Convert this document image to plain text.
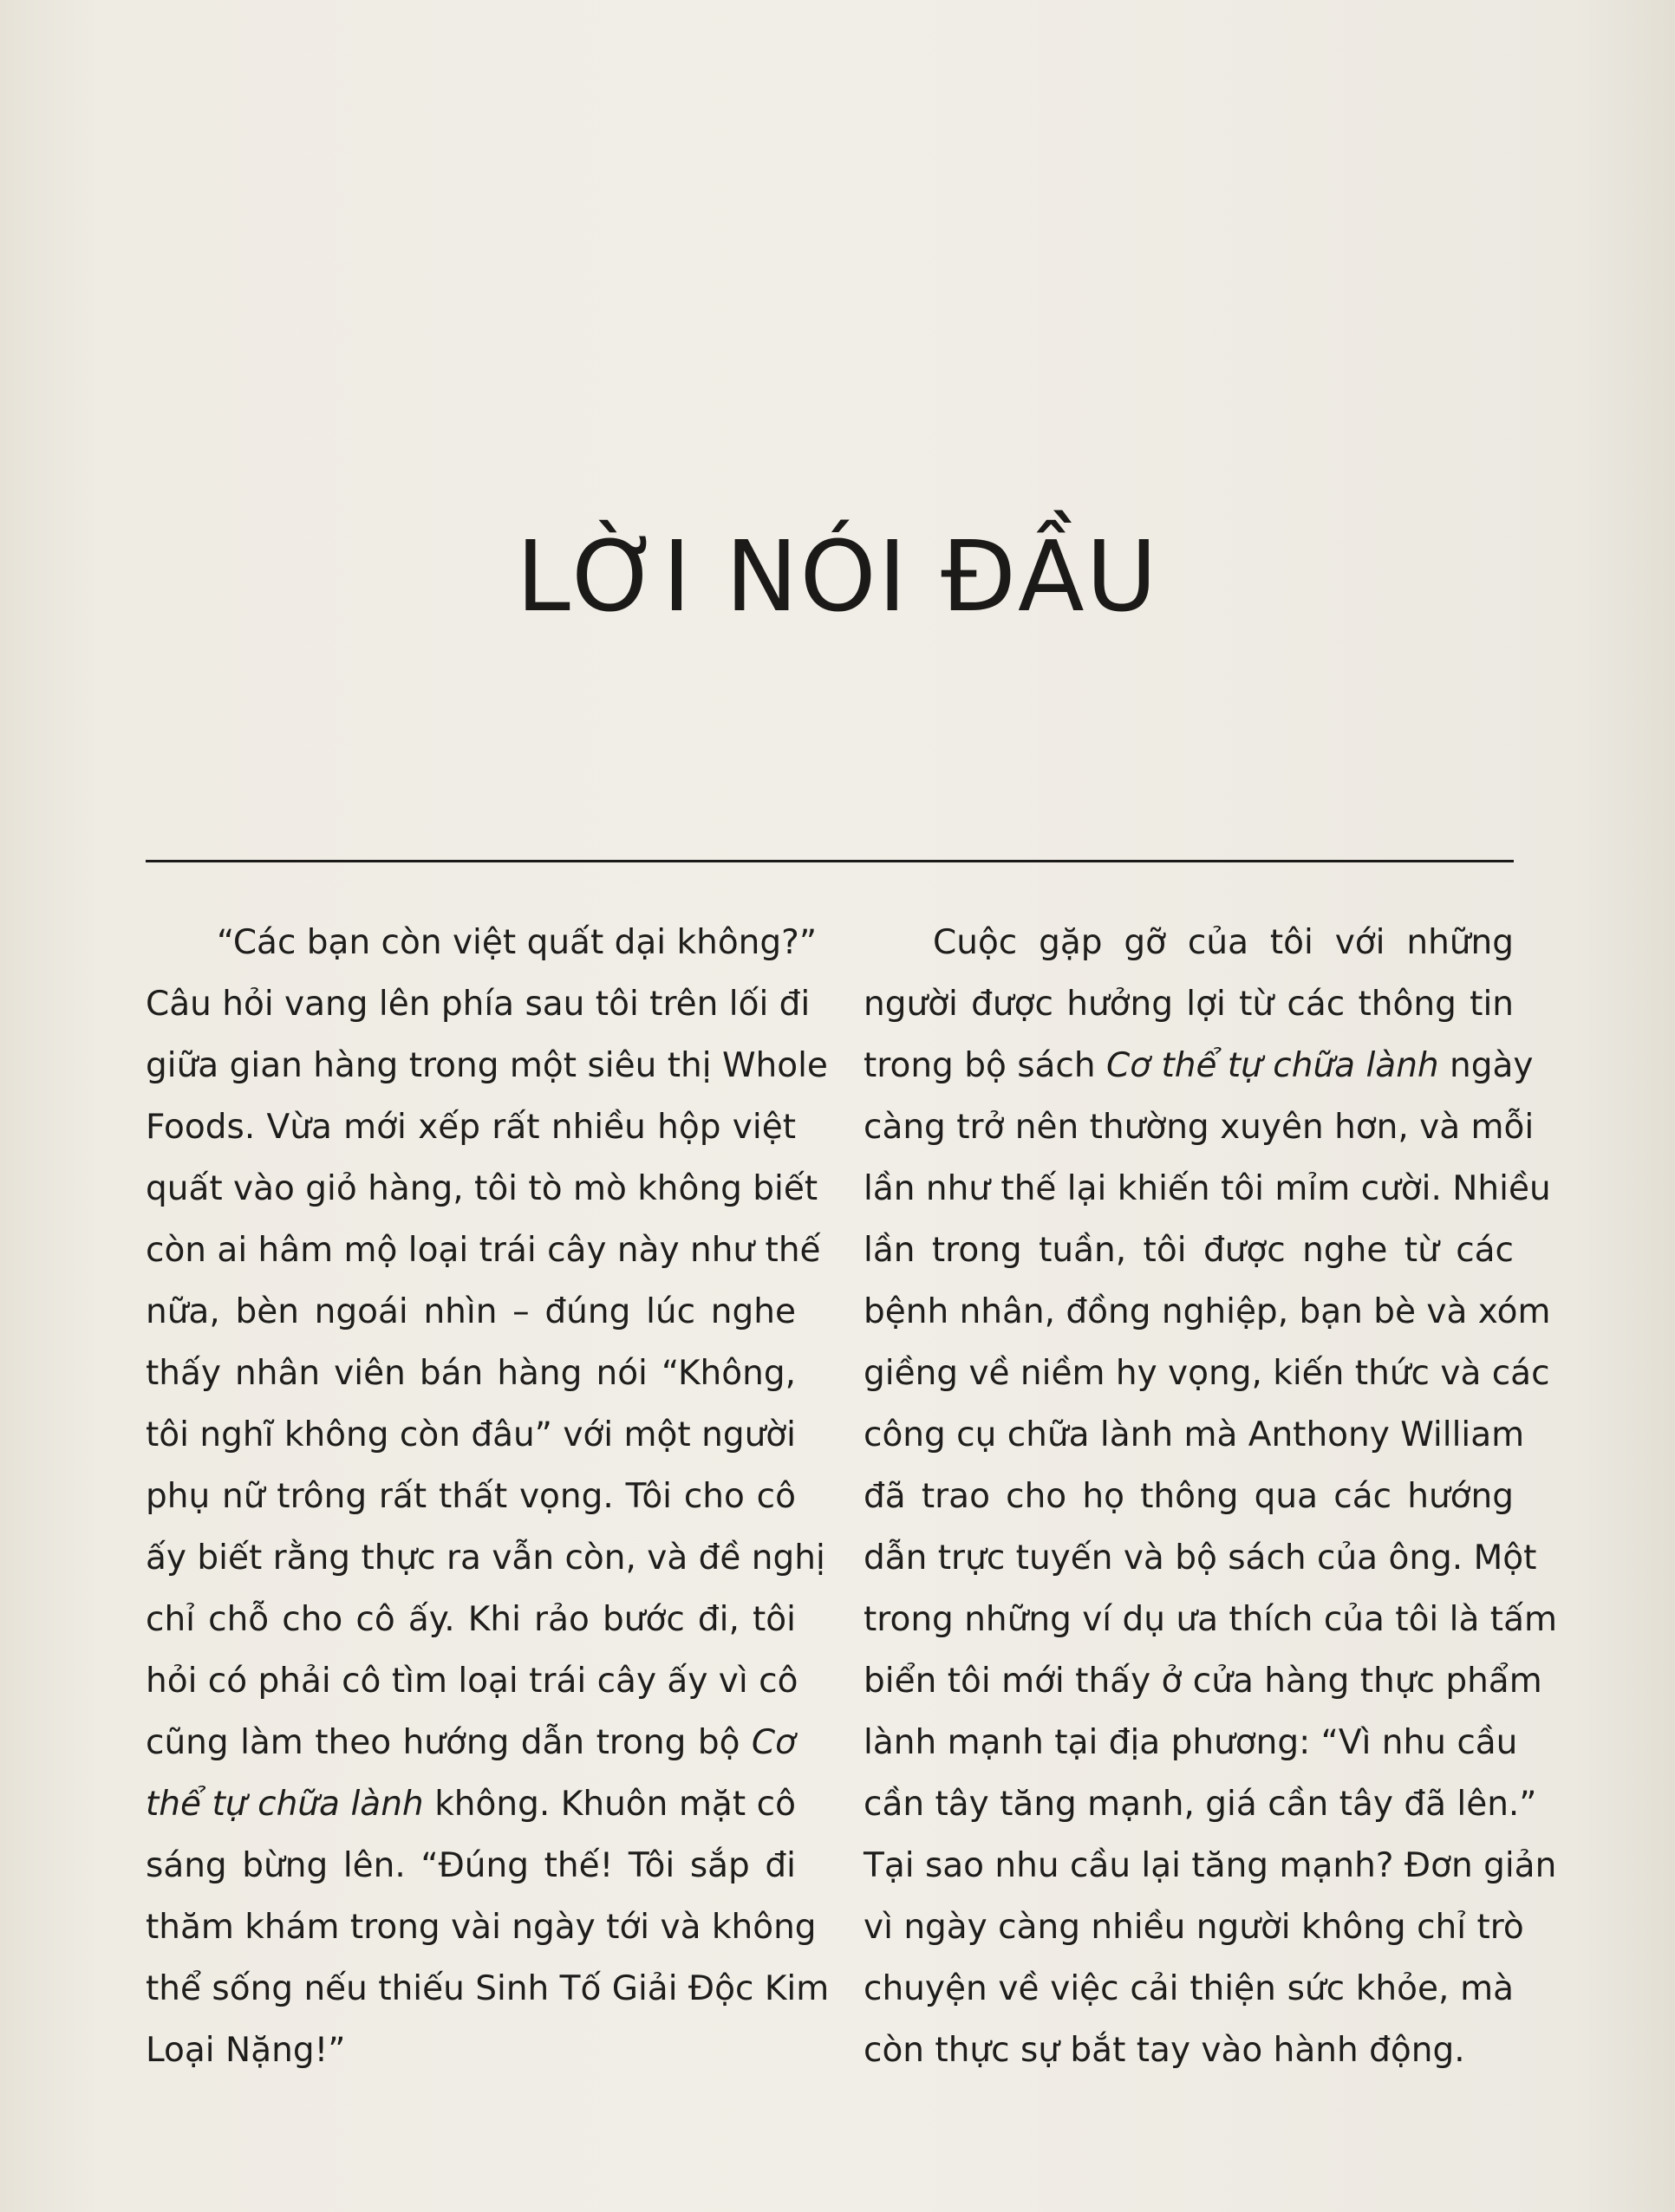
LỜI NÓI ĐẦU
“Các bạn còn việt quất dại không?”
Câu hỏi vang lên phía sau tôi trên lối đi
giữa gian hàng trong một siêu thị Whole
Foods. Vừa mới xếp rất nhiều hộp việt
quất vào giỏ hàng, tôi tò mò không biết
còn ai hâm mộ loại trái cây này như thế
nữa, bèn ngoái nhìn – đúng lúc nghe
thấy nhân viên bán hàng nói “Không,
tôi nghĩ không còn đâu” với một người
phụ nữ trông rất thất vọng. Tôi cho cô
ấy biết rằng thực ra vẫn còn, và đề nghị
chỉ chỗ cho cô ấy. Khi rảo bước đi, tôi
hỏi có phải cô tìm loại trái cây ấy vì cô
cũng làm theo hướng dẫn trong bộ Cơ
thể tự chữa lành không. Khuôn mặt cô
sáng bừng lên. “Đúng thế! Tôi sắp đi
thăm khám trong vài ngày tới và không
thể sống nếu thiếu Sinh Tố Giải Độc Kim
Loại Nặng!”
Cuộc gặp gỡ của tôi với những
người được hưởng lợi từ các thông tin
trong bộ sách Cơ thể tự chữa lành ngày
càng trở nên thường xuyên hơn, và mỗi
lần như thế lại khiến tôi mỉm cười. Nhiều
lần trong tuần, tôi được nghe từ các
bệnh nhân, đồng nghiệp, bạn bè và xóm
giềng về niềm hy vọng, kiến thức và các
công cụ chữa lành mà Anthony William
đã trao cho họ thông qua các hướng
dẫn trực tuyến và bộ sách của ông. Một
trong những ví dụ ưa thích của tôi là tấm
biển tôi mới thấy ở cửa hàng thực phẩm
lành mạnh tại địa phương: “Vì nhu cầu
cần tây tăng mạnh, giá cần tây đã lên.”
Tại sao nhu cầu lại tăng mạnh? Đơn giản
vì ngày càng nhiều người không chỉ trò
chuyện về việc cải thiện sức khỏe, mà
còn thực sự bắt tay vào hành động.
